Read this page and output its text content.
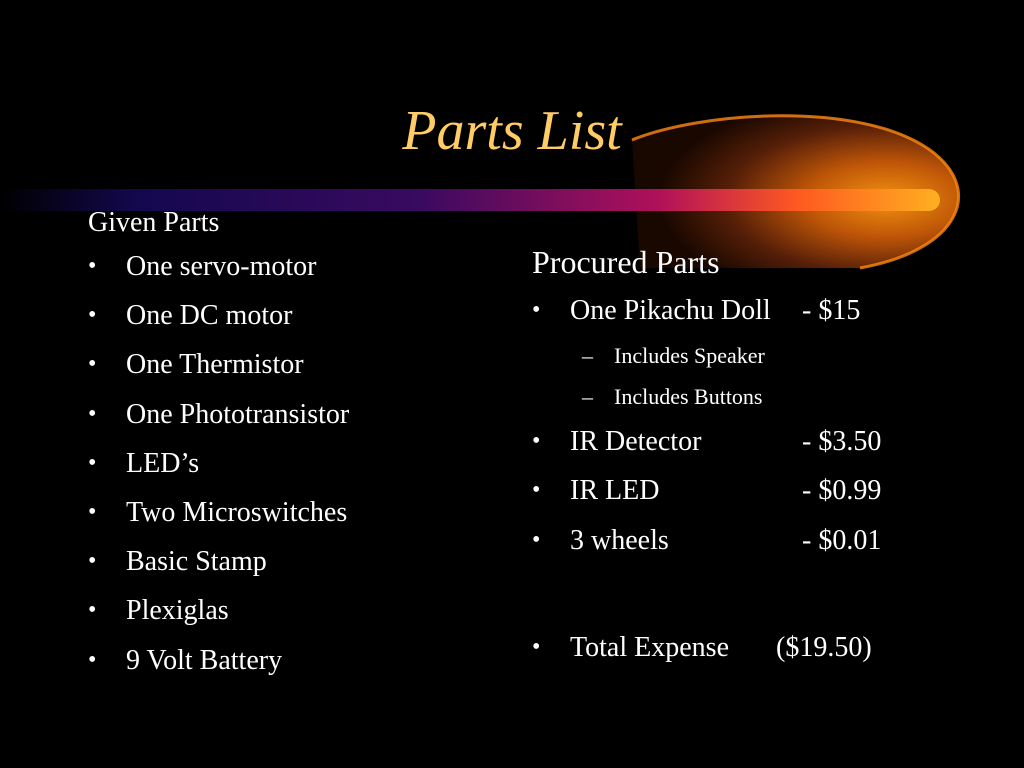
Parts List
Given Parts
• One servo-motor
• One DC motor
• One Thermistor
• One Phototransistor
• LED’s
• Two Microswitches
• Basic Stamp
• Plexiglas
• 9 Volt Battery
Procured Parts
• One Pikachu Doll - $15
– Includes Speaker
– Includes Buttons
• IR Detector	- $3.50
• IR LED	- $0.99
• 3 wheels	- $0.01
• Total Expense ($19.50)
